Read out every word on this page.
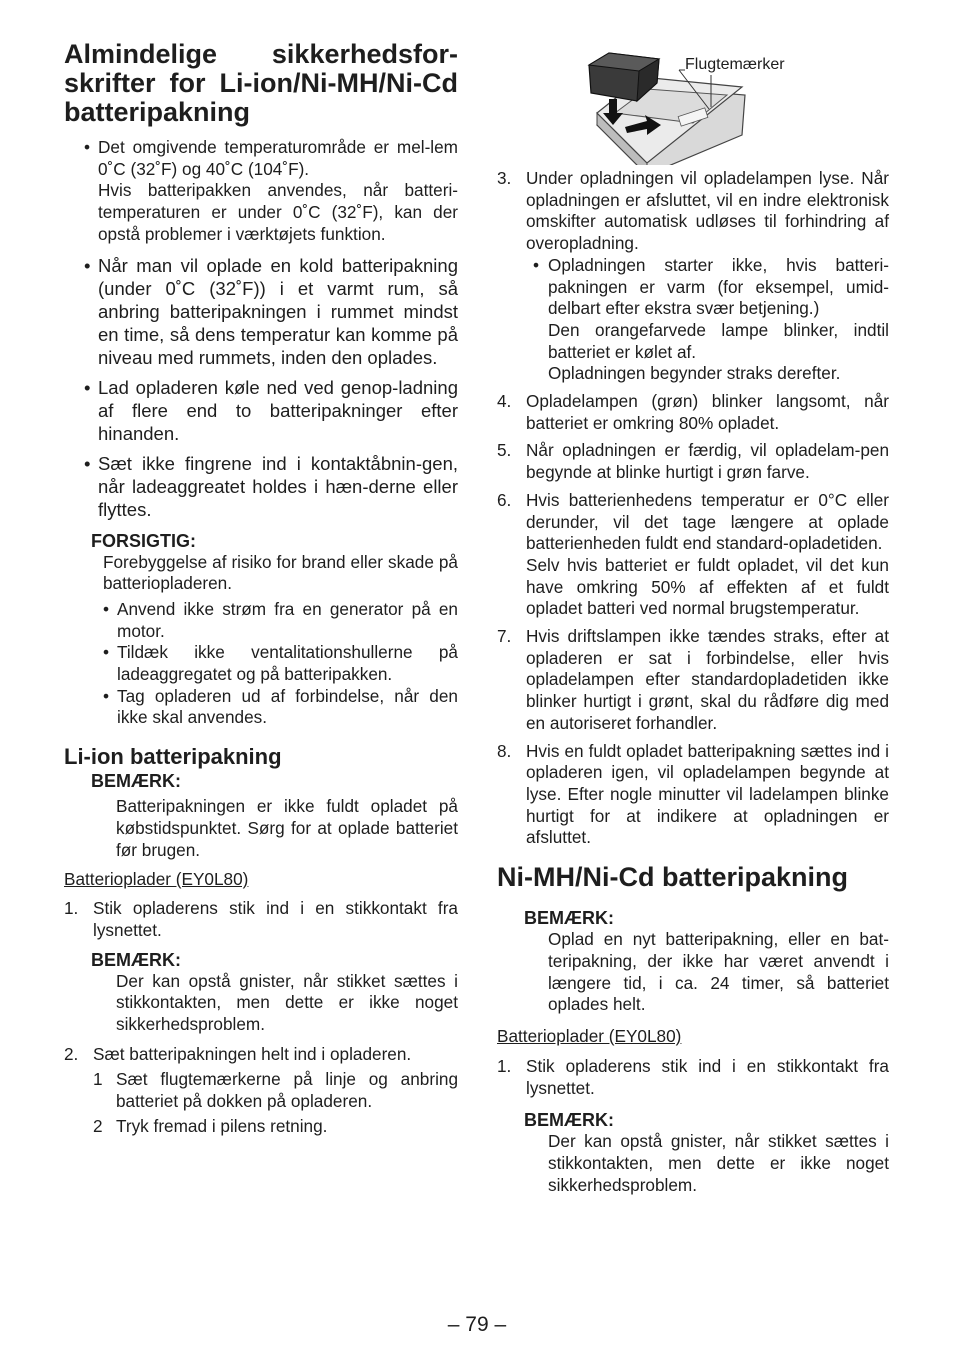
Almindelige sikkerhedsfor-skrifter for Li-ion/Ni-MH/Ni-Cd batteripakning

• Det omgivende temperaturområde er mel-lem 0˚C (32˚F) og 40˚C (104˚F).

Hvis batteripakken anvendes, når batteri-temperaturen er under 0˚C (32˚F), kan der opstå problemer i værktøjets funktion.

• Når man vil oplade en kold batteripakning (under 0˚C (32˚F)) i et varmt rum, så anbring batteripakningen i rummet mindst en time, så dens temperatur kan komme på niveau med rummets, inden den oplades.

• Lad opladeren køle ned ved genop-ladning af flere end to batteripakninger efter hinanden.

• Sæt ikke fingrene ind i kontaktåbnin-gen, når ladeaggreatet holdes i hæn-derne eller flyttes.

FORSIGTIG:

Forebyggelse af risiko for brand eller skade på batteriopladeren.

• Anvend ikke strøm fra en generator på en motor.

• Tildæk ikke ventalitationshullerne på ladeaggregatet og på batteripakken.

• Tag opladeren ud af forbindelse, når den ikke skal anvendes.

Li-ion batteripakning

BEMÆRK:

Batteripakningen er ikke fuldt opladet på købstidspunktet. Sørg for at oplade batteriet før brugen.

Batterioplader (EY0L80)

1. Stik opladerens stik ind i en stikkontakt fra lysnettet.

BEMÆRK:

Der kan opstå gnister, når stikket sættes i stikkontakten, men dette er ikke noget sikkerhedsproblem.

2. Sæt batteripakningen helt ind i opladeren.

1 Sæt flugtemærkerne på linje og anbring batteriet på dokken på opladeren.

2 Tryk fremad i pilens retning.

Flugtemærker
3. Under opladningen vil opladelampen lyse. Når opladningen er afsluttet, vil en indre elektronisk omskifter automatisk udløses til forhindring af overopladning.

• Opladningen starter ikke, hvis batteri-pakningen er varm (for eksempel, umid-delbart efter ekstra svær betjening.)

Den orangefarvede lampe blinker, indtil batteriet er kølet af.

Opladningen begynder straks derefter.

4. Opladelampen (grøn) blinker langsomt, når batteriet er omkring 80% opladet.

5. Når opladningen er færdig, vil opladelam-pen begynde at blinke hurtigt i grøn farve.

6. Hvis batterienhedens temperatur er 0°C eller derunder, vil det tage længere at oplade batterienheden fuldt end standard-opladetiden.

Selv hvis batteriet er fuldt opladet, vil det kun have omkring 50% af effekten af et fuldt opladet batteri ved normal brugstemperatur.

7. Hvis driftslampen ikke tændes straks, efter at opladeren er sat i forbindelse, eller hvis opladelampen efter standardopladetiden ikke blinker hurtigt i grønt, skal du rådføre dig med en autoriseret forhandler.

8. Hvis en fuldt opladet batteripakning sættes ind i opladeren igen, vil opladelampen begynde at lyse. Efter nogle minutter vil ladelampen blinke hurtigt for at indikere at opladningen er afsluttet.

Ni-MH/Ni-Cd batteripakning

BEMÆRK:

Oplad en nyt batteripakning, eller en bat-teripakning, der ikke har været anvendt i længere tid, i ca. 24 timer, så batteriet oplades helt.

Batterioplader (EY0L80)

1. Stik opladerens stik ind i en stikkontakt fra lysnettet.

BEMÆRK:

Der kan opstå gnister, når stikket sættes i stikkontakten, men dette er ikke noget sikkerhedsproblem.

– 79 –
